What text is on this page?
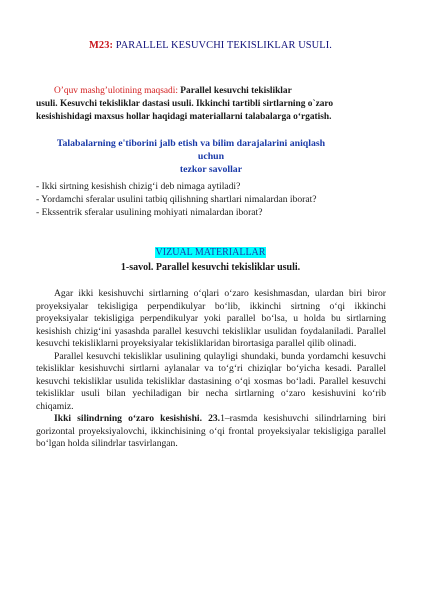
M23: PARALLEL KESUVCHI TEKISLIKLAR USULI.
O’quv mashg’ulotining maqsadi: Parallel kesuvchi tekisliklar
usuli. Kesuvchi tekisliklar dastasi usuli. Ikkinchi tartibli sirtlarning o`zaro kesishishidagi maxsus hollar haqidagi materiallarni talabalarga o‘rgatish.
Talabalarning e'tiborini jalb etish va bilim darajalarini aniqlash
uchun
tezkor savollar
- Ikki sirtning kesishish chizig‘i deb nimaga aytiladi?
- Yordamchi sferalar usulini tatbiq qilishning shartlari nimalardan iborat?
- Ekssentrik sferalar usulining mohiyati nimalardan iborat?
VIZUAL MATERIALLAR
1-savol. Parallel kesuvchi tekisliklar usuli.

Agar ikki kesishuvchi sirtlarning o‘qlari o‘zaro kesishmasdan, ulardan biri biror proyeksiyalar tekisligiga perpendikulyar bo‘lib, ikkinchi sirtning o‘qi ikkinchi proyeksiyalar tekisligiga perpendikulyar yoki parallel bo‘lsa, u holda bu sirtlarning kesishish chizig‘ini yasashda parallel kesuvchi tekisliklar usulidan foydalaniladi. Parallel kesuvchi tekisliklarni proyeksiyalar tekisliklaridan birortasiga parallel qilib olinadi.

Parallel kesuvchi tekisliklar usulining qulayligi shundaki, bunda yordamchi kesuvchi tekisliklar kesishuvchi sirtlarni aylanalar va to‘g‘ri chiziqlar bo‘yicha kesadi. Parallel kesuvchi tekisliklar usulida tekisliklar dastasining o‘qi xosmas bo‘ladi. Parallel kesuvchi tekisliklar usuli bilan yechiladigan bir necha sirtlarning o‘zaro kesishuvini ko‘rib chiqamiz.

Ikki silindrning o‘zaro kesishishi. 23.1–rasmda kesishuvchi silindrlarning biri gorizontal proyeksiyalovchi, ikkinchisining o‘qi frontal proyeksiyalar tekisligiga parallel bo‘lgan holda silindrlar tasvirlangan.
